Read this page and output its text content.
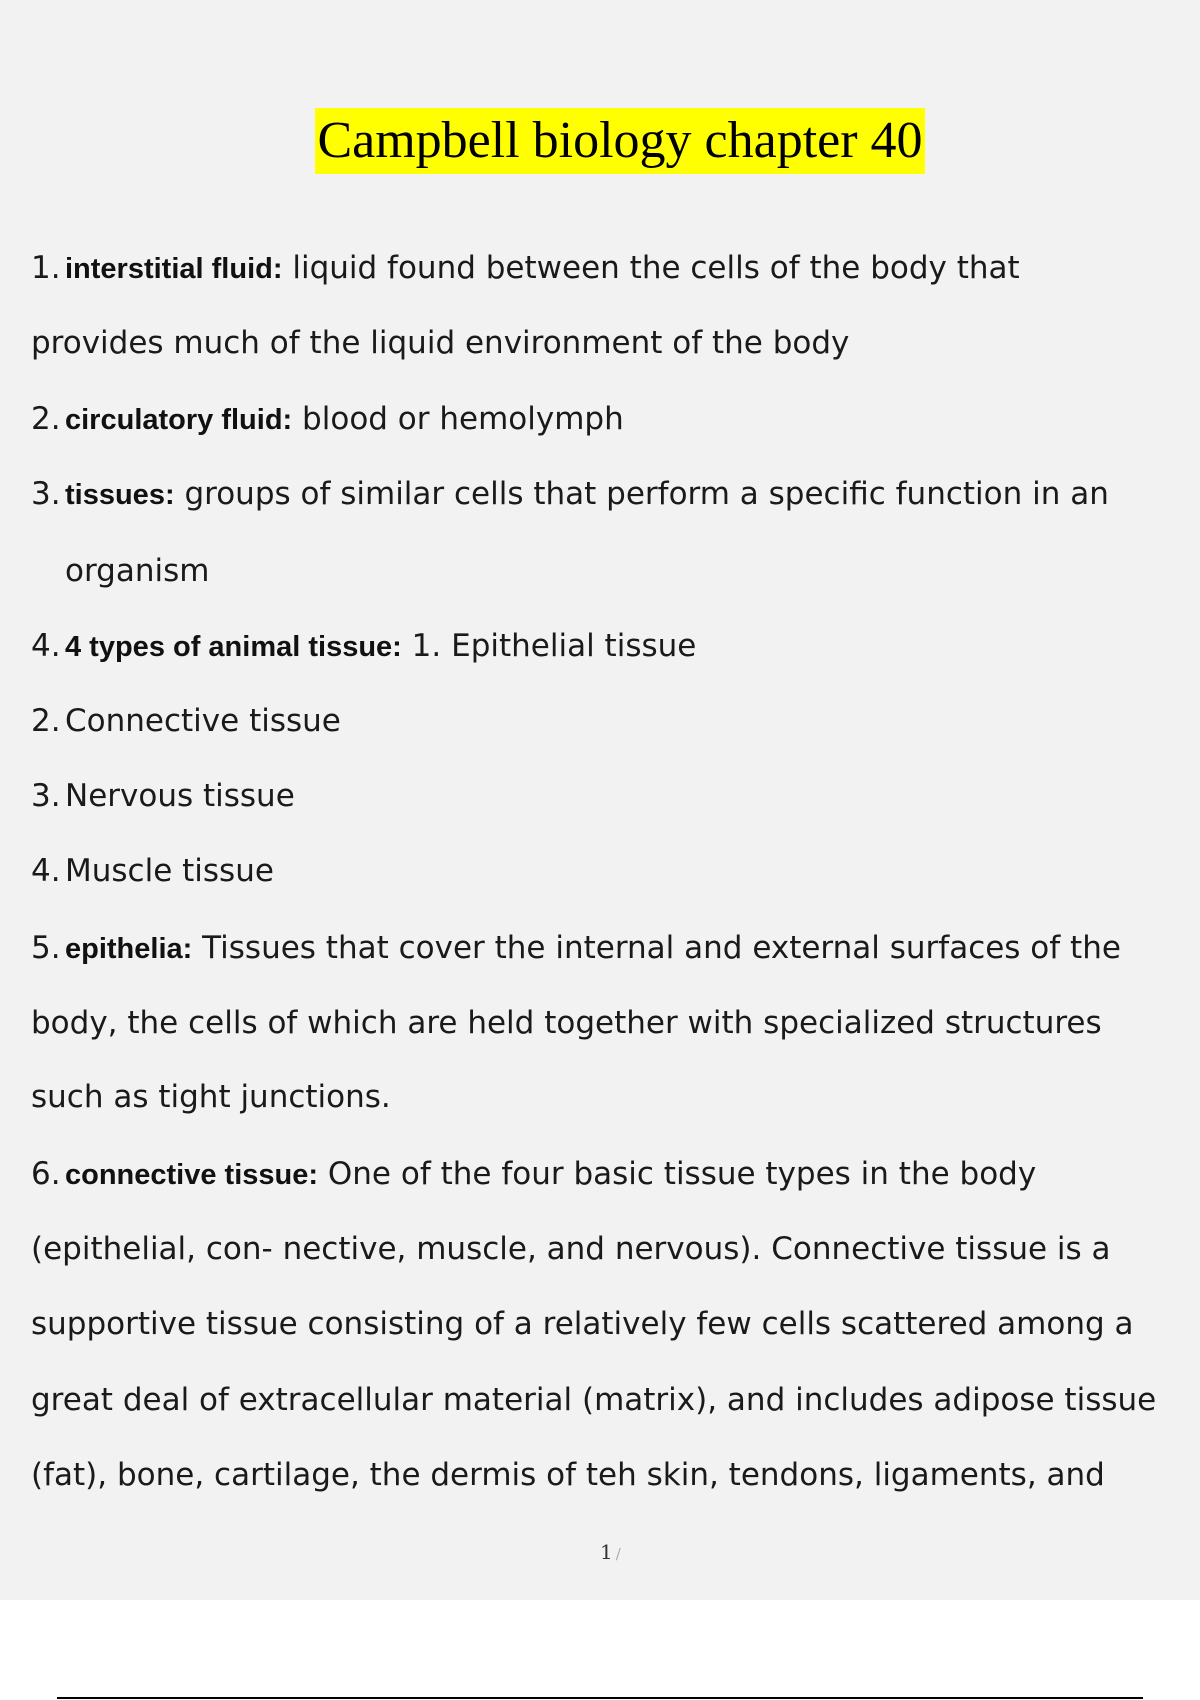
Campbell biology chapter 40
1. interstitial fluid: liquid found between the cells of the body that
provides much of the liquid environment of the body
2. circulatory fluid: blood or hemolymph
3. tissues: groups of similar cells that perform a specific function in an
organism
4. 4 types of animal tissue: 1. Epithelial tissue
2. Connective tissue
3. Nervous tissue
4. Muscle tissue
5. epithelia: Tissues that cover the internal and external surfaces of the
body, the cells of which are held together with specialized structures
such as tight junctions.
6. connective tissue: One of the four basic tissue types in the body
(epithelial, con- nective, muscle, and nervous). Connective tissue is a
supportive tissue consisting of a relatively few cells scattered among a
great deal of extracellular material (matrix), and includes adipose tissue
(fat), bone, cartilage, the dermis of teh skin, tendons, ligaments, and
1 /
